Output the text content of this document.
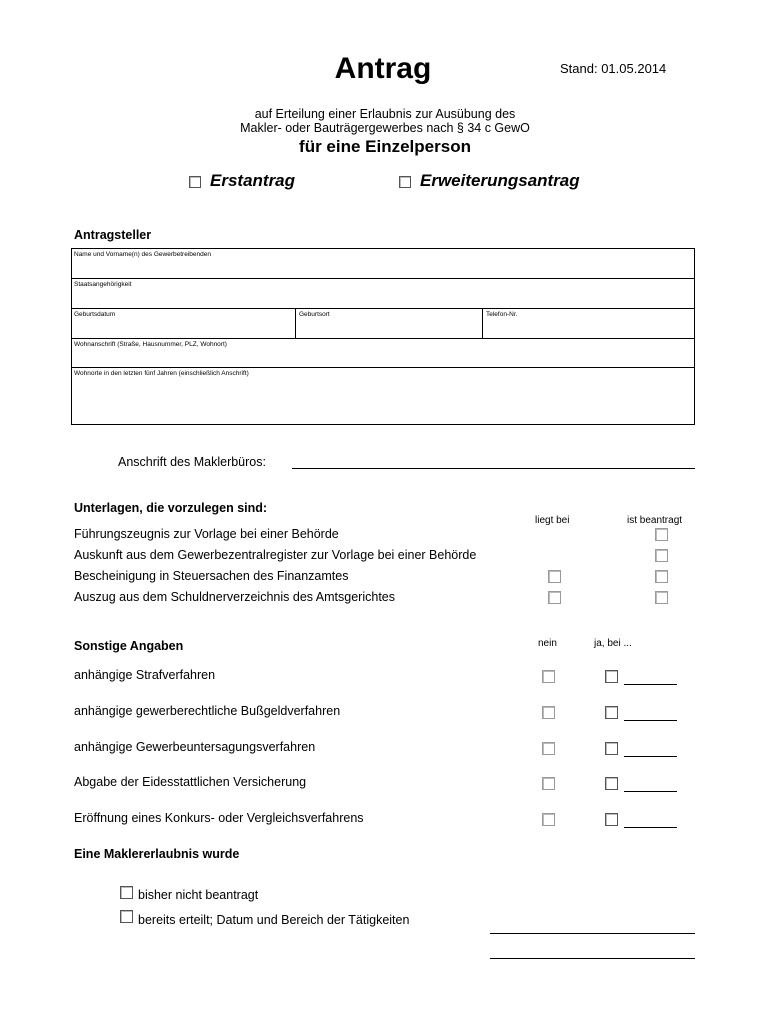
Antrag	Stand: 01.05.2014
auf Erteilung einer Erlaubnis zur Ausübung des
Makler- oder Bauträgergewerbes nach § 34 c GewO
für eine Einzelperson
Erstantrag	Erweiterungsantrag
Antragsteller
Name und Vorname(n) des Gewerbetreibenden
Staatsangehörigkeit
Geburtsdatum	Geburtsort	Telefon-Nr.
Wohnanschrift (Straße, Hausnummer, PLZ, Wohnort)
Wohnorte in den letzten fünf Jahren (einschließlich Anschrift)
Anschrift des Maklerbüros:
Unterlagen, die vorzulegen sind:
liegt bei	ist beantragt
Führungszeugnis zur Vorlage bei einer Behörde
Auskunft aus dem Gewerbezentralregister zur Vorlage bei einer Behörde
Bescheinigung in Steuersachen des Finanzamtes
Auszug aus dem Schuldnerverzeichnis des Amtsgerichtes
Sonstige Angaben	nein	ja, bei ...
anhängige Strafverfahren
anhängige gewerberechtliche Bußgeldverfahren
anhängige Gewerbeuntersagungsverfahren
Abgabe der Eidesstattlichen Versicherung
Eröffnung eines Konkurs- oder Vergleichsverfahrens
Eine Maklererlaubnis wurde
bisher nicht beantragt
bereits erteilt; Datum und Bereich der Tätigkeiten
